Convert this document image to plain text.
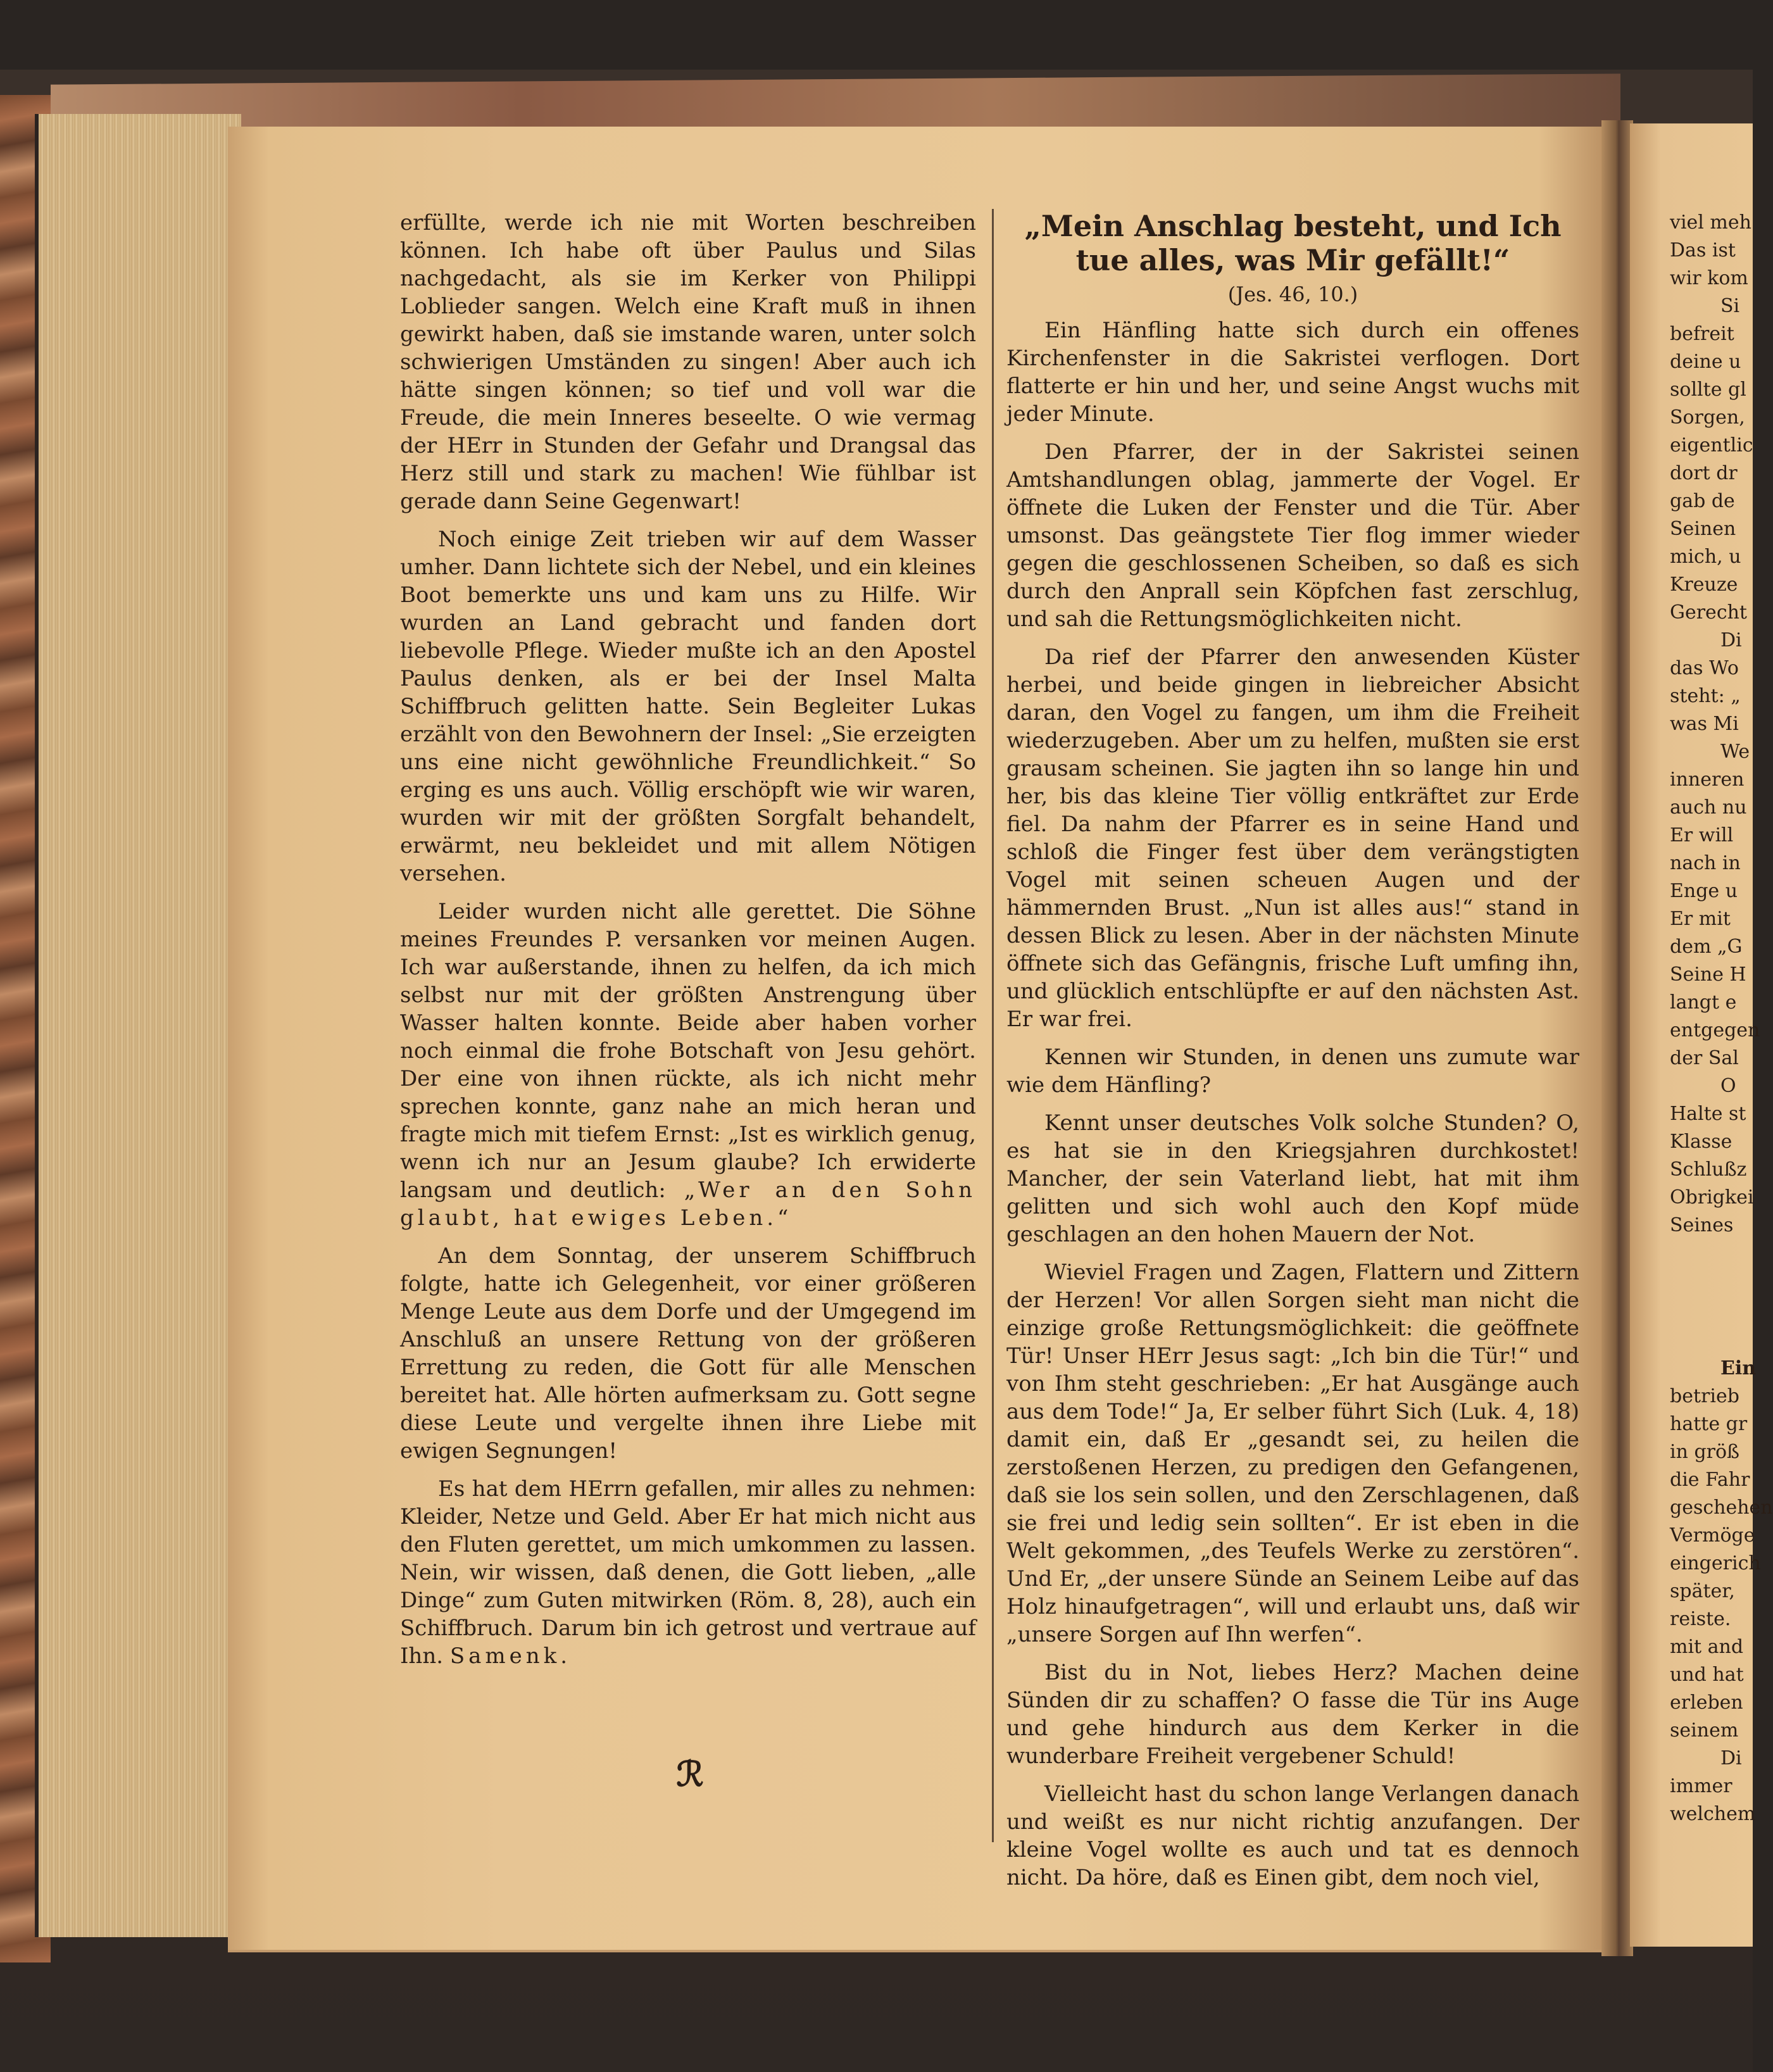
erfüllte, werde ich nie mit Worten beschreiben können. Ich habe oft über Paulus und Silas nachgedacht, als sie im Kerker von Philippi Loblieder sangen. Welch eine Kraft muß in ihnen gewirkt haben, daß sie imstande waren, unter solch schwierigen Umständen zu singen! Aber auch ich hätte singen können; so tief und voll war die Freude, die mein Inneres beseelte. O wie vermag der HErr in Stunden der Gefahr und Drangsal das Herz still und stark zu machen! Wie fühlbar ist gerade dann Seine Gegenwart!

Noch einige Zeit trieben wir auf dem Wasser umher. Dann lichtete sich der Nebel, und ein kleines Boot bemerkte uns und kam uns zu Hilfe. Wir wurden an Land gebracht und fanden dort liebevolle Pflege. Wieder mußte ich an den Apostel Paulus denken, als er bei der Insel Malta Schiffbruch gelitten hatte. Sein Begleiter Lukas erzählt von den Bewohnern der Insel: „Sie erzeigten uns eine nicht gewöhnliche Freundlichkeit.“ So erging es uns auch. Völlig erschöpft wie wir waren, wurden wir mit der größten Sorgfalt behandelt, erwärmt, neu bekleidet und mit allem Nötigen versehen.

Leider wurden nicht alle gerettet. Die Söhne meines Freundes P. versanken vor meinen Augen. Ich war außerstande, ihnen zu helfen, da ich mich selbst nur mit der größten Anstrengung über Wasser halten konnte. Beide aber haben vorher noch einmal die frohe Botschaft von Jesu gehört. Der eine von ihnen rückte, als ich nicht mehr sprechen konnte, ganz nahe an mich heran und fragte mich mit tiefem Ernst: „Ist es wirklich genug, wenn ich nur an Jesum glaube? Ich erwiderte langsam und deutlich: „Wer an den Sohn glaubt, hat ewiges Leben.“

An dem Sonntag, der unserem Schiffbruch folgte, hatte ich Gelegenheit, vor einer größeren Menge Leute aus dem Dorfe und der Umgegend im Anschluß an unsere Rettung von der größeren Errettung zu reden, die Gott für alle Menschen bereitet hat. Alle hörten aufmerksam zu. Gott segne diese Leute und vergelte ihnen ihre Liebe mit ewigen Segnungen!

Es hat dem HErrn gefallen, mir alles zu nehmen: Kleider, Netze und Geld. Aber Er hat mich nicht aus den Fluten gerettet, um mich umkommen zu lassen. Nein, wir wissen, daß denen, die Gott lieben, „alle Dinge“ zum Guten mitwirken (Röm. 8, 28), auch ein Schiffbruch. Darum bin ich getrost und vertraue auf Ihn. Samenk.

ℛ
„Mein Anschlag besteht, und Ich tue alles, was Mir gefällt!“
(Jes. 46, 10.)

Ein Hänfling hatte sich durch ein offenes Kirchenfenster in die Sakristei verflogen. Dort flatterte er hin und her, und seine Angst wuchs mit jeder Minute.

Den Pfarrer, der in der Sakristei seinen Amtshandlungen oblag, jammerte der Vogel. Er öffnete die Luken der Fenster und die Tür. Aber umsonst. Das geängstete Tier flog immer wieder gegen die geschlossenen Scheiben, so daß es sich durch den Anprall sein Köpfchen fast zerschlug, und sah die Rettungsmöglichkeiten nicht.

Da rief der Pfarrer den anwesenden Küster herbei, und beide gingen in liebreicher Absicht daran, den Vogel zu fangen, um ihm die Freiheit wiederzugeben. Aber um zu helfen, mußten sie erst grausam scheinen. Sie jagten ihn so lange hin und her, bis das kleine Tier völlig entkräftet zur Erde fiel. Da nahm der Pfarrer es in seine Hand und schloß die Finger fest über dem verängstigten Vogel mit seinen scheuen Augen und der hämmernden Brust. „Nun ist alles aus!“ stand in dessen Blick zu lesen. Aber in der nächsten Minute öffnete sich das Gefängnis, frische Luft umfing ihn, und glücklich entschlüpfte er auf den nächsten Ast. Er war frei.

Kennen wir Stunden, in denen uns zumute war wie dem Hänfling?

Kennt unser deutsches Volk solche Stunden? O, es hat sie in den Kriegsjahren durchkostet! Mancher, der sein Vaterland liebt, hat mit ihm gelitten und sich wohl auch den Kopf müde geschlagen an den hohen Mauern der Not.

Wieviel Fragen und Zagen, Flattern und Zittern der Herzen! Vor allen Sorgen sieht man nicht die einzige große Rettungsmöglichkeit: die geöffnete Tür! Unser HErr Jesus sagt: „Ich bin die Tür!“ und von Ihm steht geschrieben: „Er hat Ausgänge auch aus dem Tode!“ Ja, Er selber führt Sich (Luk. 4, 18) damit ein, daß Er „gesandt sei, zu heilen die zerstoßenen Herzen, zu predigen den Gefangenen, daß sie los sein sollen, und den Zerschlagenen, daß sie frei und ledig sein sollten“. Er ist eben in die Welt gekommen, „des Teufels Werke zu zerstören“. Und Er, „der unsere Sünde an Seinem Leibe auf das Holz hinaufgetragen“, will und erlaubt uns, daß wir „unsere Sorgen auf Ihn werfen“.

Bist du in Not, liebes Herz? Machen deine Sünden dir zu schaffen? O fasse die Tür ins Auge und gehe hindurch aus dem Kerker in die wunderbare Freiheit vergebener Schuld!

Vielleicht hast du schon lange Verlangen danach und weißt es nur nicht richtig anzufangen. Der kleine Vogel wollte es auch und tat es dennoch nicht. Da höre, daß es Einen gibt, dem noch viel,

viel meh
Das ist
wir kom
Si
befreit
deine u
sollte gl
Sorgen,
eigentlic
dort dr
gab de
Seinen
mich, u
Kreuze
Gerecht
Di
das Wo
steht: „
was Mi
We
inneren
auch nu
Er will
nach in
Enge u
Er mit
dem „G
Seine H
langt e
entgegen
der Sal
O
Halte st
Klasse
Schlußz
Obrigkei
Seines
Ein
betrieb
hatte gr
in größ
die Fahr
geschehen
Vermöge
eingerich
später,
reiste.
mit and
und hat
erleben
seinem
Di
immer
welchem
